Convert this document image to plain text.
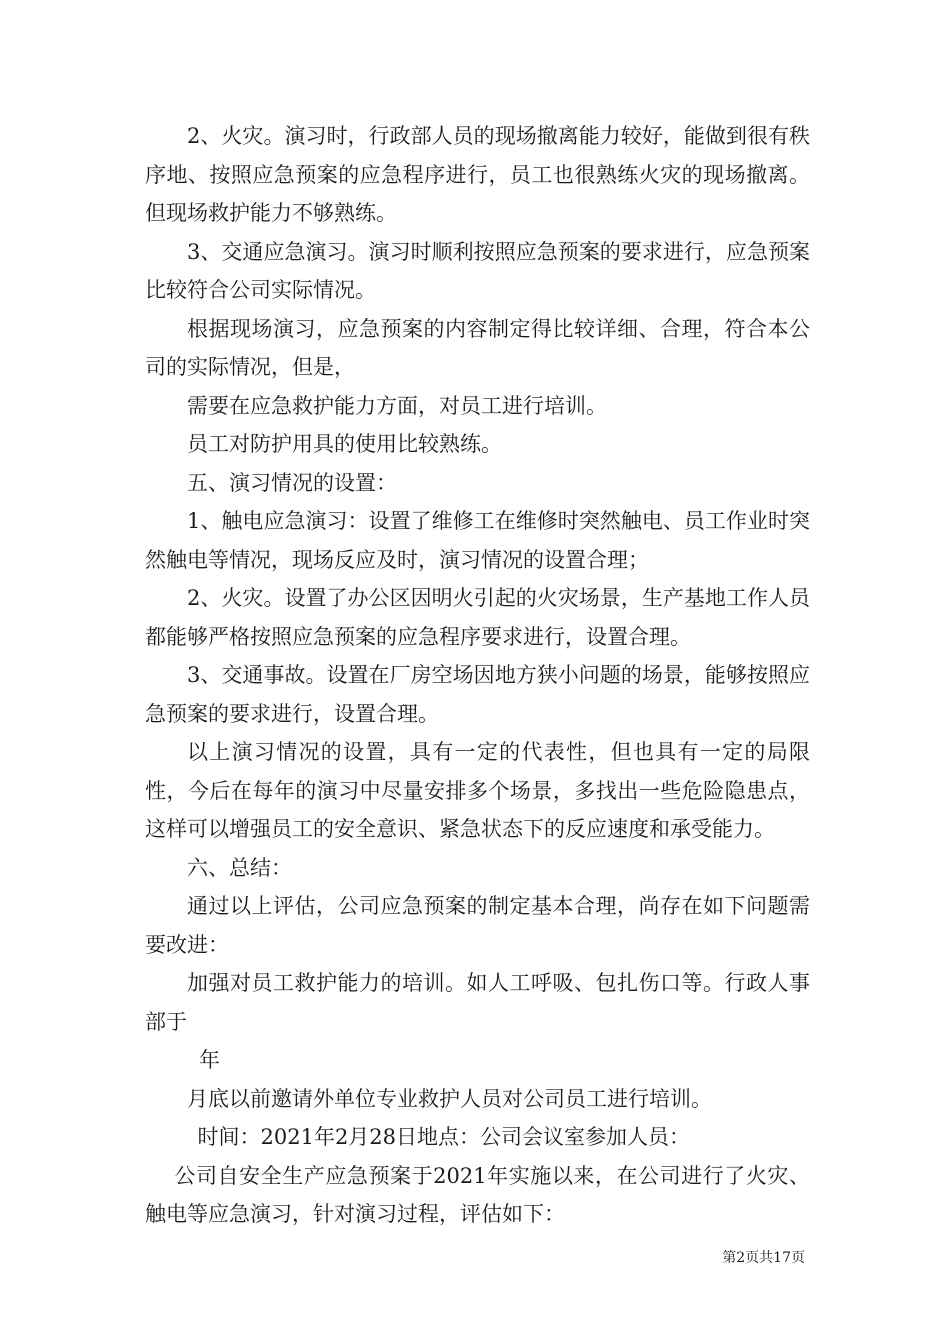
2、火灾。演习时，行政部人员的现场撤离能力较好，能做到很有秩序地、按照应急预案的应急程序进行，员工也很熟练火灾的现场撤离。但现场救护能力不够熟练。

3、交通应急演习。演习时顺利按照应急预案的要求进行，应急预案比较符合公司实际情况。

根据现场演习，应急预案的内容制定得比较详细、合理，符合本公司的实际情况，但是，

需要在应急救护能力方面，对员工进行培训。

员工对防护用具的使用比较熟练。

五、演习情况的设置：

1、触电应急演习：设置了维修工在维修时突然触电、员工作业时突然触电等情况，现场反应及时，演习情况的设置合理；

2、火灾。设置了办公区因明火引起的火灾场景，生产基地工作人员都能够严格按照应急预案的应急程序要求进行，设置合理。

3、交通事故。设置在厂房空场因地方狭小问题的场景，能够按照应急预案的要求进行，设置合理。

以上演习情况的设置，具有一定的代表性，但也具有一定的局限性，今后在每年的演习中尽量安排多个场景，多找出一些危险隐患点，这样可以增强员工的安全意识、紧急状态下的反应速度和承受能力。

六、总结：

通过以上评估，公司应急预案的制定基本合理，尚存在如下问题需要改进：

加强对员工救护能力的培训。如人工呼吸、包扎伤口等。行政人事部于

年

月底以前邀请外单位专业救护人员对公司员工进行培训。

时间：2021年2月28日地点：公司会议室参加人员：

公司自安全生产应急预案于2021年实施以来，在公司进行了火灾、触电等应急演习，针对演习过程，评估如下：

第2页共17页
